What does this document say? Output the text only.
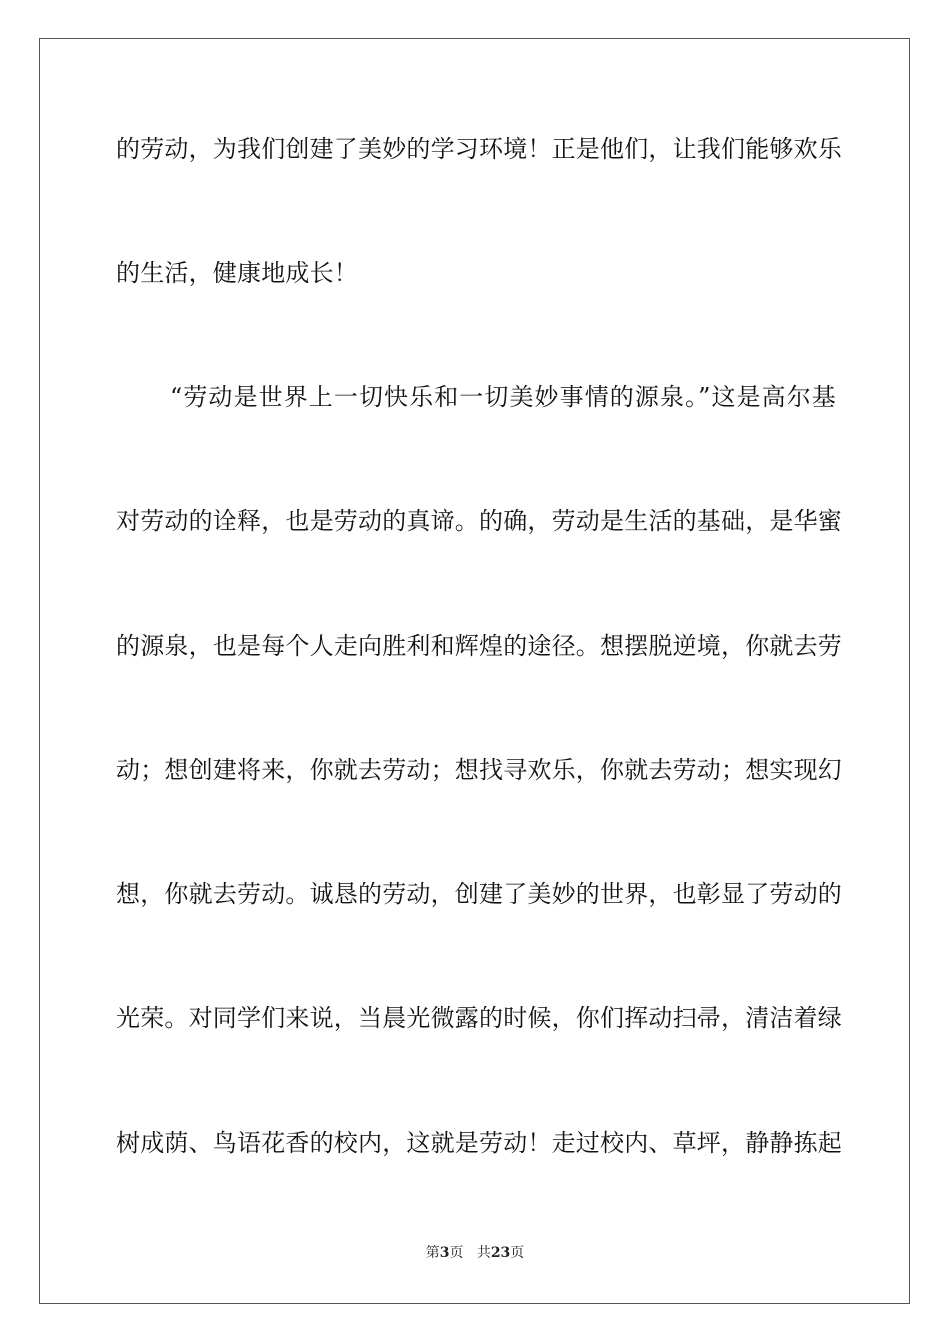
的劳动，为我们创建了美妙的学习环境！正是他们，让我们能够欢乐
的生活，健康地成长！
“劳动是世界上一切快乐和一切美妙事情的源泉。”这是高尔基
对劳动的诠释，也是劳动的真谛。的确，劳动是生活的基础，是华蜜
的源泉，也是每个人走向胜利和辉煌的途径。想摆脱逆境，你就去劳
动；想创建将来，你就去劳动；想找寻欢乐，你就去劳动；想实现幻
想，你就去劳动。诚恳的劳动，创建了美妙的世界，也彰显了劳动的
光荣。对同学们来说，当晨光微露的时候，你们挥动扫帚，清洁着绿
树成荫、鸟语花香的校内，这就是劳动！走过校内、草坪，静静拣起
第3页 共23页
